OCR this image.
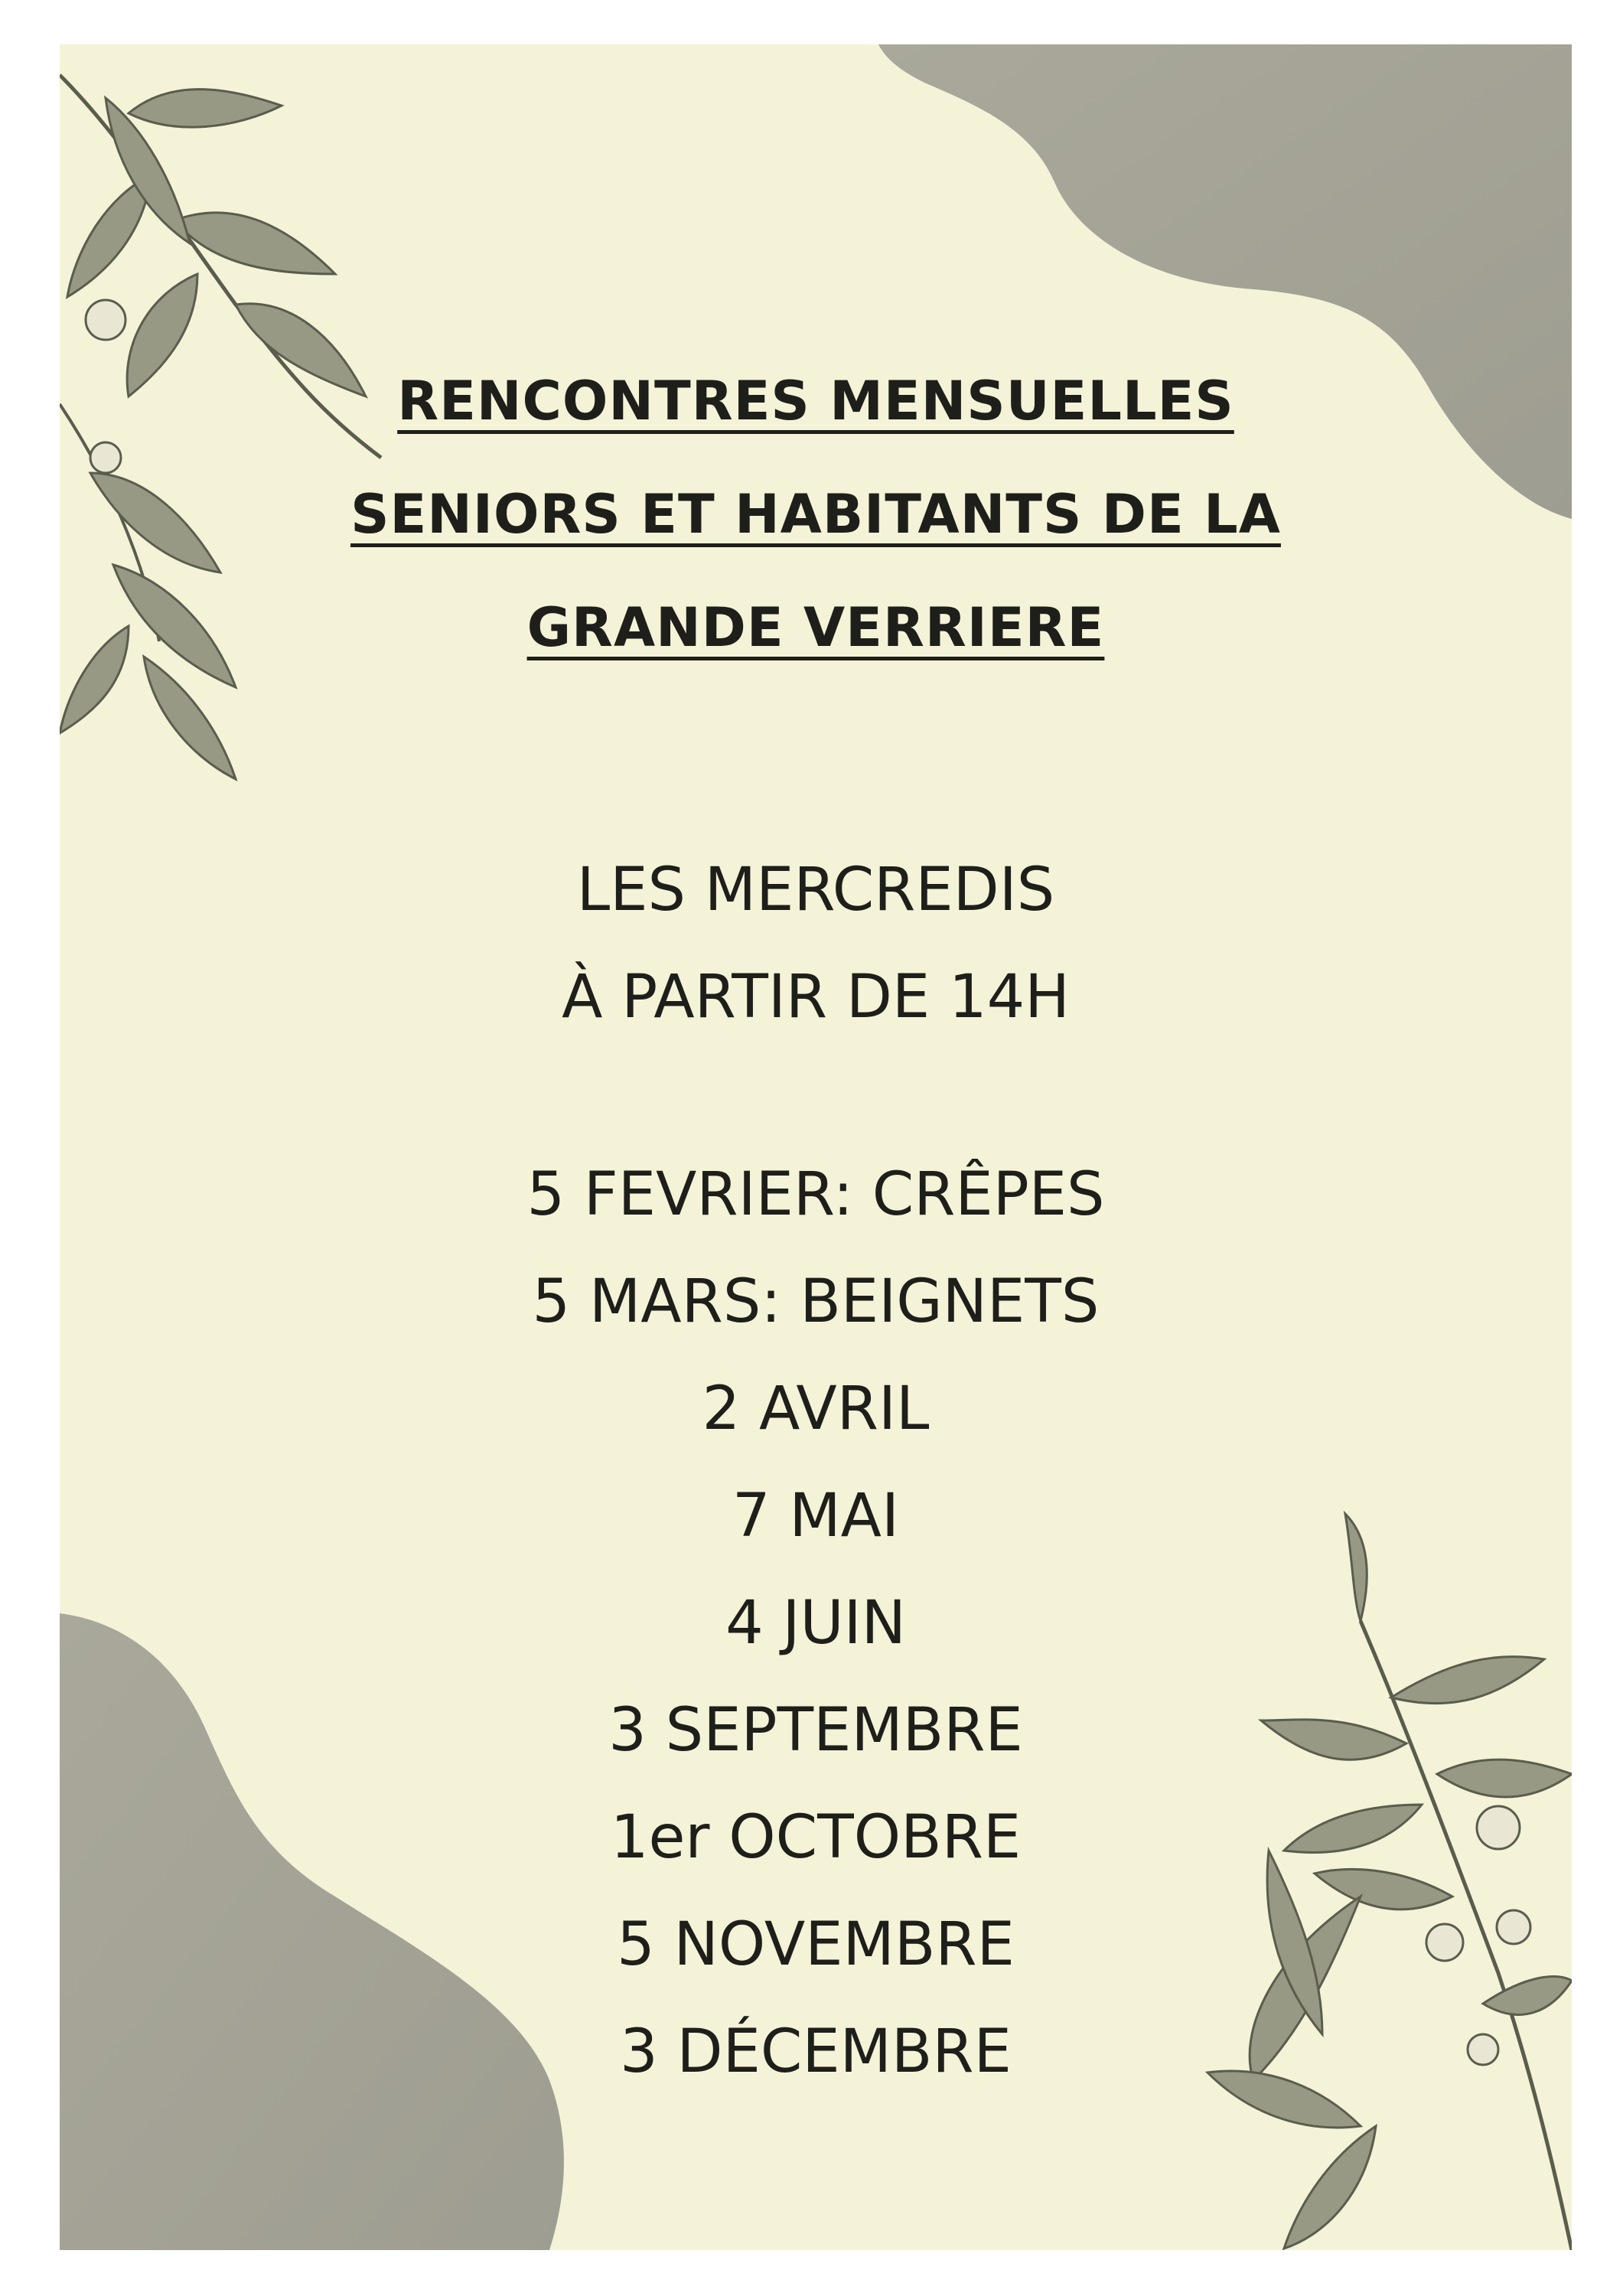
RENCONTRES MENSUELLES
SENIORS ET HABITANTS DE LA
GRANDE VERRIERE
LES MERCREDIS
À PARTIR DE 14H
5 FEVRIER: CRÊPES
5 MARS: BEIGNETS
2 AVRIL
7 MAI
4 JUIN
3 SEPTEMBRE
1er OCTOBRE
5 NOVEMBRE
3 DÉCEMBRE
